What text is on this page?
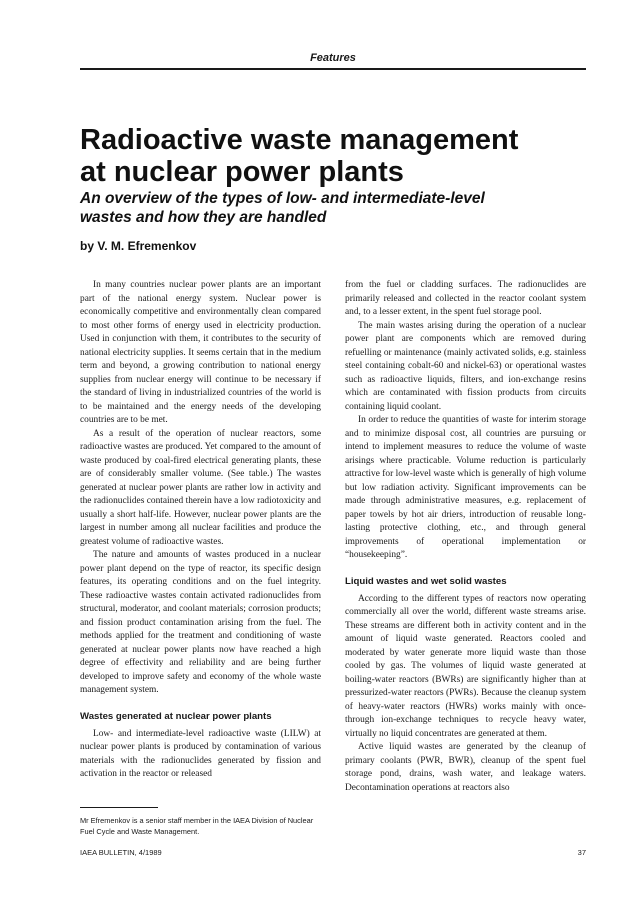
Features
Radioactive waste management
at nuclear power plants
An overview of the types of low- and intermediate-level
wastes and how they are handled

by V. M. Efremenkov

In many countries nuclear power plants are an important part of the national energy system. Nuclear power is economically competitive and environmentally clean compared to most other forms of energy used in electricity production. Used in conjunction with them, it contributes to the security of national electricity supplies. It seems certain that in the medium term and beyond, a growing contribution to national energy supplies from nuclear energy will continue to be necessary if the standard of living in industrialized countries of the world is to be maintained and the energy needs of the developing countries are to be met.

As a result of the operation of nuclear reactors, some radioactive wastes are produced. Yet compared to the amount of waste produced by coal-fired electrical generating plants, these are of considerably smaller volume. (See table.) The wastes generated at nuclear power plants are rather low in activity and the radionuclides contained therein have a low radiotoxicity and usually a short half-life. However, nuclear power plants are the largest in number among all nuclear facilities and produce the greatest volume of radioactive wastes.

The nature and amounts of wastes produced in a nuclear power plant depend on the type of reactor, its specific design features, its operating conditions and on the fuel integrity. These radioactive wastes contain activated radionuclides from structural, moderator, and coolant materials; corrosion products; and fission product contamination arising from the fuel. The methods applied for the treatment and conditioning of waste generated at nuclear power plants now have reached a high degree of effectivity and reliability and are being further developed to improve safety and economy of the whole waste management system.

Wastes generated at nuclear power plants

Low- and intermediate-level radioactive waste (LILW) at nuclear power plants is produced by contamination of various materials with the radionuclides generated by fission and activation in the reactor or released

from the fuel or cladding surfaces. The radionuclides are primarily released and collected in the reactor coolant system and, to a lesser extent, in the spent fuel storage pool.

The main wastes arising during the operation of a nuclear power plant are components which are removed during refuelling or maintenance (mainly activated solids, e.g. stainless steel containing cobalt-60 and nickel-63) or operational wastes such as radioactive liquids, filters, and ion-exchange resins which are contaminated with fission products from circuits containing liquid coolant.

In order to reduce the quantities of waste for interim storage and to minimize disposal cost, all countries are pursuing or intend to implement measures to reduce the volume of waste arisings where practicable. Volume reduction is particularly attractive for low-level waste which is generally of high volume but low radiation activity. Significant improvements can be made through administrative measures, e.g. replacement of paper towels by hot air driers, introduction of reusable long-lasting protective clothing, etc., and through general improvements of operational implementation or “housekeeping”.

Liquid wastes and wet solid wastes

According to the different types of reactors now operating commercially all over the world, different waste streams arise. These streams are different both in activity content and in the amount of liquid waste generated. Reactors cooled and moderated by water generate more liquid waste than those cooled by gas. The volumes of liquid waste generated at boiling-water reactors (BWRs) are significantly higher than at pressurized-water reactors (PWRs). Because the cleanup system of heavy-water reactors (HWRs) works mainly with once-through ion-exchange techniques to recycle heavy water, virtually no liquid concentrates are generated at them.

Active liquid wastes are generated by the cleanup of primary coolants (PWR, BWR), cleanup of the spent fuel storage pond, drains, wash water, and leakage waters. Decontamination operations at reactors also

Mr Efremenkov is a senior staff member in the IAEA Division of Nuclear Fuel Cycle and Waste Management.

IAEA BULLETIN, 4/1989	37
